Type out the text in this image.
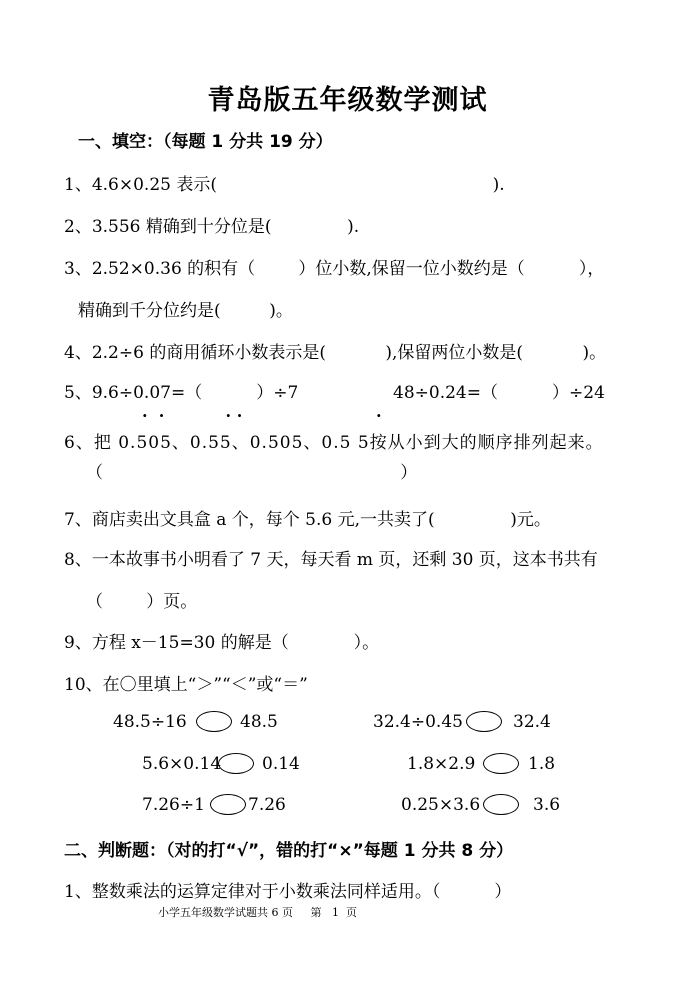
青岛版五年级数学测试
一、填空：（每题 1 分共 19 分）
1、4.6×0.25 表示(                                                   ).
2、3.556 精确到十分位是(              ).
3、2.52×0.36 的积有（        ）位小数,保留一位小数约是（          ），
精确到千分位约是(         )。
4、2.2÷6 的商用循环小数表示是(           ),保留两位小数是(           )。
5、9.6÷0.07=（          ）÷7	48÷0.24=（          ）÷24
·  ·           · ·                        ·
6、把 0.505、0.55、0.505、0.5 5按从小到大的顺序排列起来。
（                                                       ）
7、商店卖出文具盒 a 个，每个 5.6 元,一共卖了(              )元。
8、一本故事书小明看了 7 天，每天看 m 页，还剩 30 页，这本书共有
（        ）页。
9、方程 x－15=30 的解是（            ）。
10、在〇里填上“＞”“＜”或“＝”
48.5÷16	48.5	32.4÷0.45	32.4
5.6×0.14 0.14	1.8×2.9	1.8
7.26÷1	7.26	0.25×3.6	3.6
二、判断题：（对的打“√”，错的打“×”每题 1 分共 8 分）
1、整数乘法的运算定律对于小数乘法同样适用。（          ）
小学五年级数学试题共 6 页     第   1  页
